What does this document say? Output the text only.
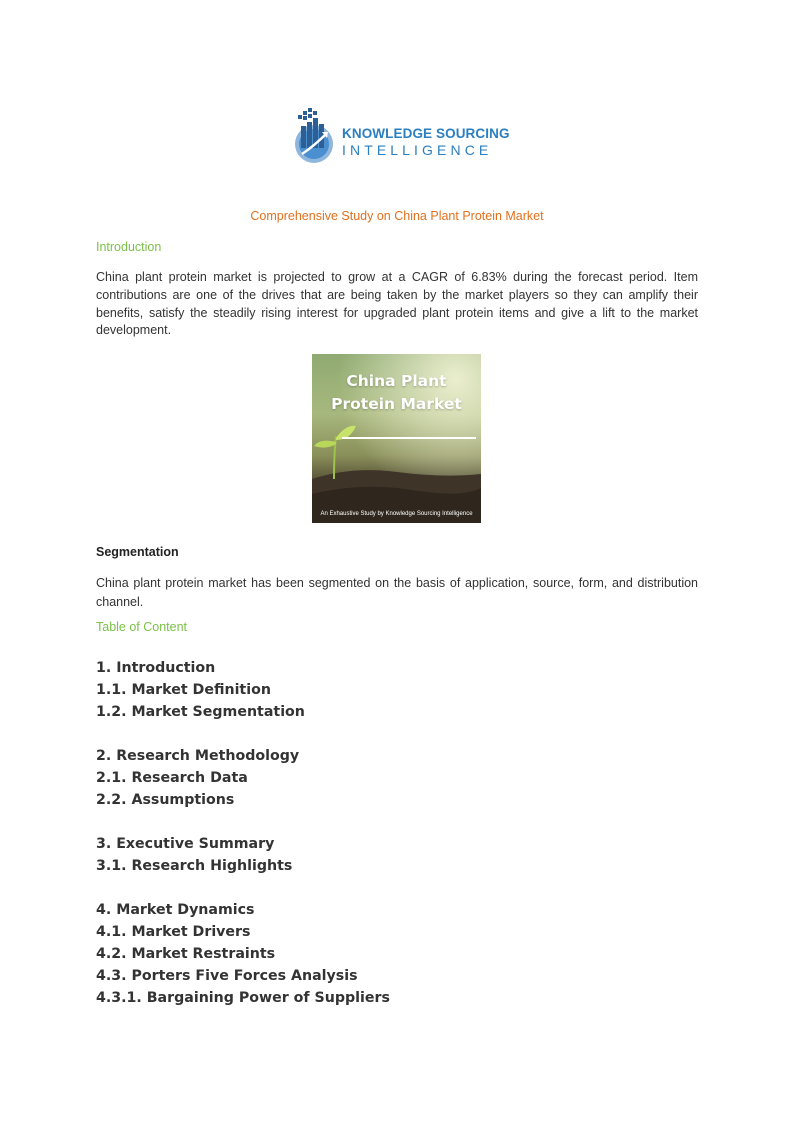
KNOWLEDGE SOURCING
INTELLIGENCE
Comprehensive Study on China Plant Protein Market
Introduction
China plant protein market is projected to grow at a CAGR of 6.83% during the forecast period. Item contributions are one of the drives that are being taken by the market players so they can amplify their benefits, satisfy the steadily rising interest for upgraded plant protein items and give a lift to the market development.
China Plant Protein Market
An Exhaustive Study by Knowledge Sourcing Intelligence
Segmentation
China plant protein market has been segmented on the basis of application, source, form, and distribution channel.
Table of Content
1. Introduction
1.1. Market Definition
1.2. Market Segmentation
2. Research Methodology
2.1. Research Data
2.2. Assumptions
3. Executive Summary
3.1. Research Highlights
4. Market Dynamics
4.1. Market Drivers
4.2. Market Restraints
4.3. Porters Five Forces Analysis
4.3.1. Bargaining Power of Suppliers
